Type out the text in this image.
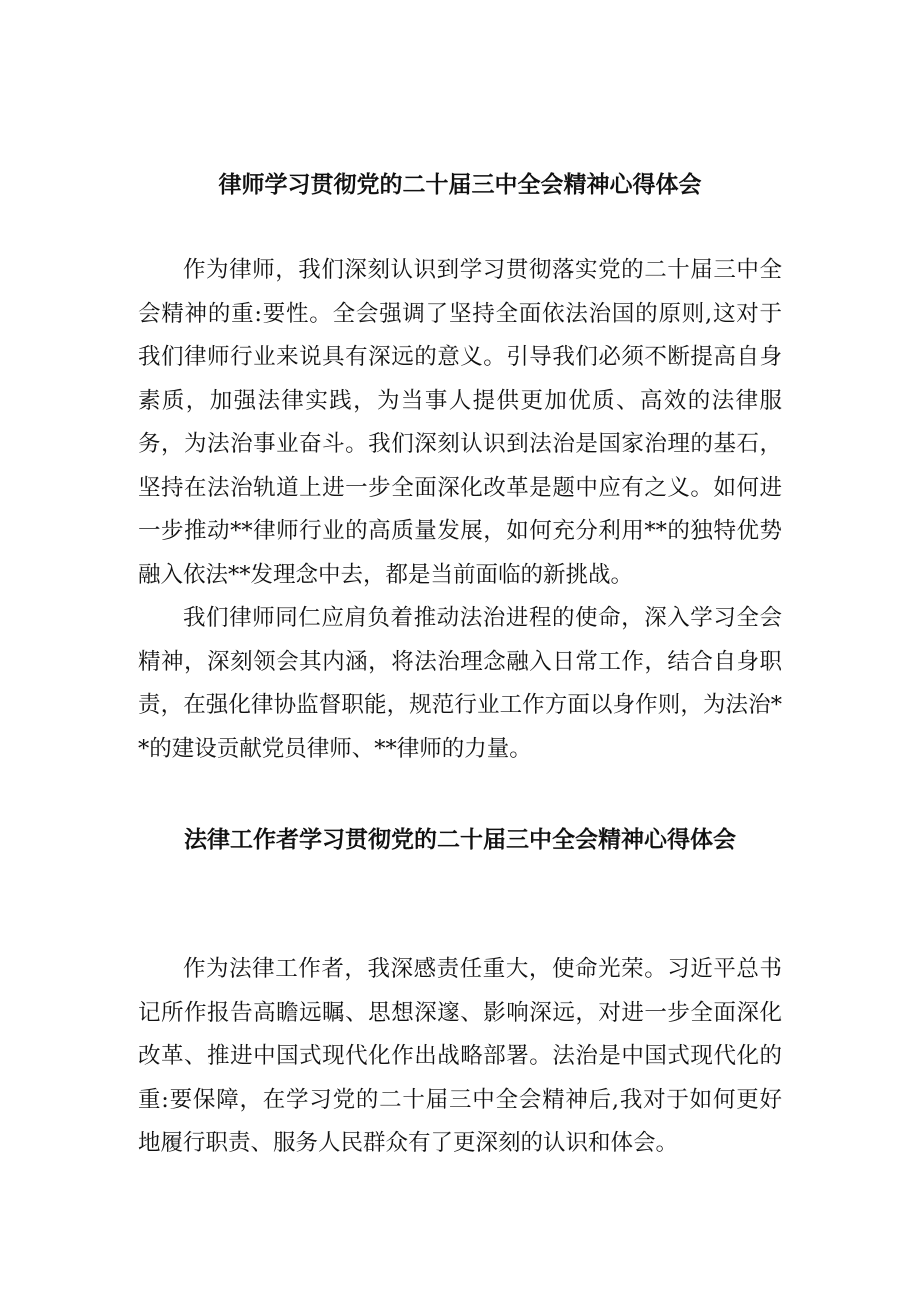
律师学习贯彻党的二十届三中全会精神心得体会

作为律师，我们深刻认识到学习贯彻落实党的二十届三中全会精神的重:要性。全会强调了坚持全面依法治国的原则,这对于我们律师行业来说具有深远的意义。引导我们必须不断提高自身素质，加强法律实践，为当事人提供更加优质、高效的法律服务，为法治事业奋斗。我们深刻认识到法治是国家治理的基石，坚持在法治轨道上进一步全面深化改革是题中应有之义。如何进一步推动**律师行业的高质量发展，如何充分利用**的独特优势融入依法**发理念中去，都是当前面临的新挑战。

我们律师同仁应肩负着推动法治进程的使命，深入学习全会精神，深刻领会其内涵，将法治理念融入日常工作，结合自身职责，在强化律协监督职能，规范行业工作方面以身作则，为法治**的建设贡献党员律师、**律师的力量。

法律工作者学习贯彻党的二十届三中全会精神心得体会

作为法律工作者，我深感责任重大，使命光荣。习近平总书记所作报告高瞻远瞩、思想深邃、影响深远，对进一步全面深化改革、推进中国式现代化作出战略部署。法治是中国式现代化的重:要保障，在学习党的二十届三中全会精神后,我对于如何更好地履行职责、服务人民群众有了更深刻的认识和体会。
